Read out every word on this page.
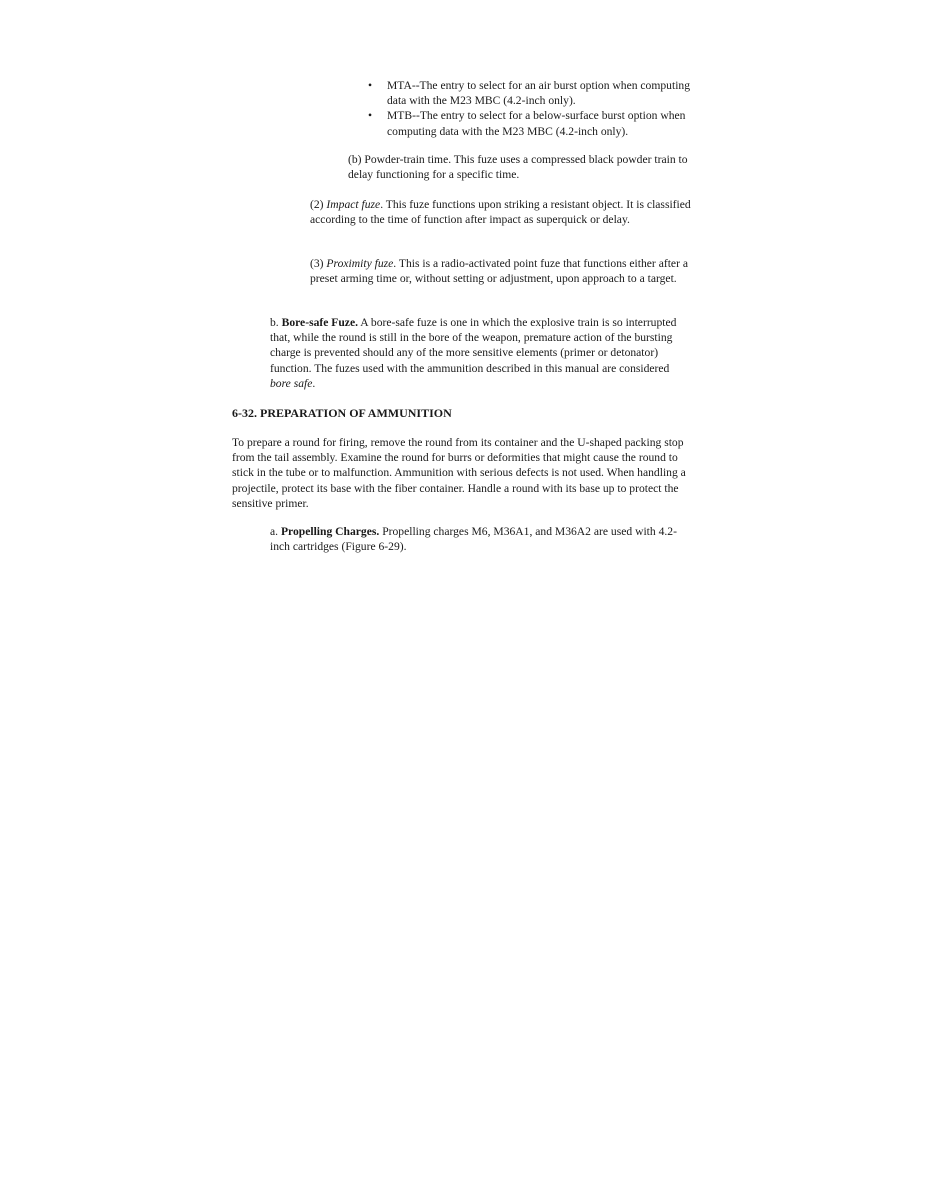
• MTA--The entry to select for an air burst option when computing data with the M23 MBC (4.2-inch only).
• MTB--The entry to select for a below-surface burst option when computing data with the M23 MBC (4.2-inch only).
(b) Powder-train time. This fuze uses a compressed black powder train to delay functioning for a specific time.
(2) Impact fuze. This fuze functions upon striking a resistant object. It is classified according to the time of function after impact as superquick or delay.
(3) Proximity fuze. This is a radio-activated point fuze that functions either after a preset arming time or, without setting or adjustment, upon approach to a target.
b. Bore-safe Fuze. A bore-safe fuze is one in which the explosive train is so interrupted that, while the round is still in the bore of the weapon, premature action of the bursting charge is prevented should any of the more sensitive elements (primer or detonator) function. The fuzes used with the ammunition described in this manual are considered bore safe.
6-32. PREPARATION OF AMMUNITION
To prepare a round for firing, remove the round from its container and the U-shaped packing stop from the tail assembly. Examine the round for burrs or deformities that might cause the round to stick in the tube or to malfunction. Ammunition with serious defects is not used. When handling a projectile, protect its base with the fiber container. Handle a round with its base up to protect the sensitive primer.
a. Propelling Charges. Propelling charges M6, M36A1, and M36A2 are used with 4.2-inch cartridges (Figure 6-29).
